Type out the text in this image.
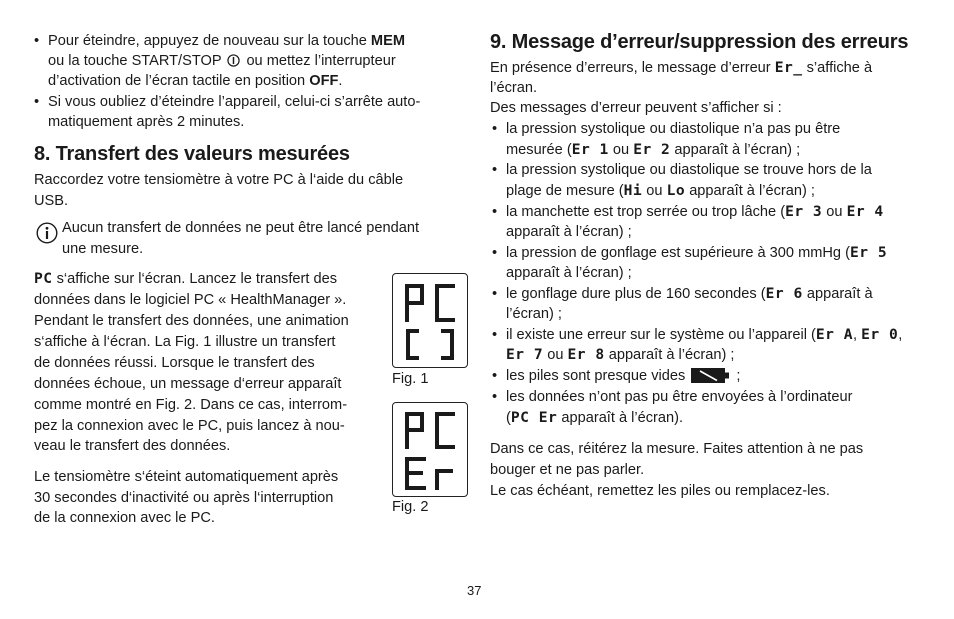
• Pour éteindre, appuyez de nouveau sur la touche MEM

ou la touche START/STOP  ou mettez l’interrupteur

d’activation de l’écran tactile en position OFF.

• Si vous oubliez d’éteindre l’appareil, celui-ci s’arrête auto-

matiquement après 2 minutes.

8. Transfert des valeurs mesurées

Raccordez votre tensiomètre à votre PC à l‘aide du câble

USB.

Aucun transfert de données ne peut être lancé pendant

une mesure.

PC s‘affiche sur l‘écran. Lancez le transfert des

données dans le logiciel PC « HealthManager ».

Pendant le transfert des données, une animation

s‘affiche à l‘écran. La Fig. 1 illustre un transfert

de données réussi. Lorsque le transfert des

données échoue, un message d‘erreur apparaît

comme montré en Fig. 2. Dans ce cas, interrom-

pez la connexion avec le PC, puis lancez à nou-

veau le transfert des données.

Le tensiomètre s‘éteint automatiquement après

30 secondes d‘inactivité ou après l‘interruption

de la connexion avec le PC.

Fig. 1
Fig. 2
9. Message d’erreur/suppression des erreurs

En présence d’erreurs, le message d’erreur Er_ s’affiche à

l’écran.

Des messages d’erreur peuvent s’afficher si :

• la pression systolique ou diastolique n’a pas pu être

mesurée (Er 1 ou Er 2 apparaît à l’écran) ;

• la pression systolique ou diastolique se trouve hors de la

plage de mesure (Hi ou Lo apparaît à l’écran) ;

• la manchette est trop serrée ou trop lâche (Er 3 ou Er 4

apparaît à l’écran) ;

• la pression de gonflage est supérieure à 300 mmHg (Er 5

apparaît à l’écran) ;

• le gonflage dure plus de 160 secondes (Er 6 apparaît à

l’écran) ;

• il existe une erreur sur le système ou l’appareil (Er A, Er 0,

Er 7 ou Er 8 apparaît à l’écran) ;

• les piles sont presque vides	;

• les données n’ont pas pu être envoyées à l’ordinateur

(PC Er apparaît à l’écran).

Dans ce cas, réitérez la mesure. Faites attention à ne pas

bouger et ne pas parler.

Le cas échéant, remettez les piles ou remplacez-les.

37
